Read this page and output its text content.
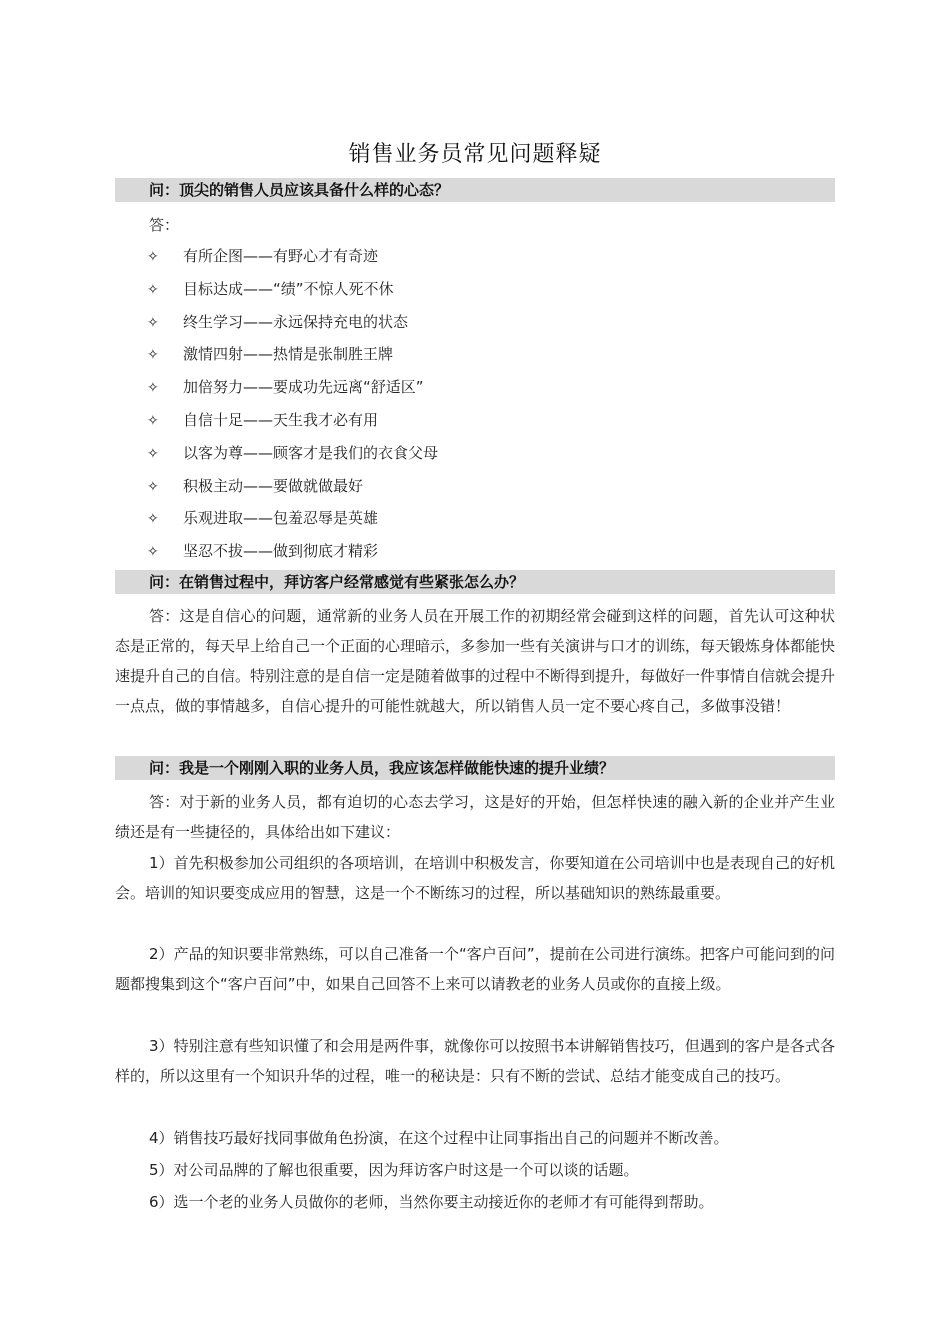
销售业务员常见问题释疑
问：顶尖的销售人员应该具备什么样的心态？
答：
✧ 有所企图——有野心才有奇迹
✧ 目标达成——“绩”不惊人死不休
✧ 终生学习——永远保持充电的状态
✧ 激情四射——热情是张制胜王牌
✧ 加倍努力——要成功先远离“舒适区”
✧ 自信十足——天生我才必有用
✧ 以客为尊——顾客才是我们的衣食父母
✧ 积极主动——要做就做最好
✧ 乐观进取——包羞忍辱是英雄
✧ 坚忍不拔——做到彻底才精彩
问：在销售过程中，拜访客户经常感觉有些紧张怎么办？

答：这是自信心的问题，通常新的业务人员在开展工作的初期经常会碰到这样的问题，首先认可这种状态是正常的，每天早上给自己一个正面的心理暗示，多参加一些有关演讲与口才的训练，每天锻炼身体都能快速提升自己的自信。特别注意的是自信一定是随着做事的过程中不断得到提升，每做好一件事情自信就会提升一点点，做的事情越多，自信心提升的可能性就越大，所以销售人员一定不要心疼自己，多做事没错！

问：我是一个刚刚入职的业务人员，我应该怎样做能快速的提升业绩？

答：对于新的业务人员，都有迫切的心态去学习，这是好的开始，但怎样快速的融入新的企业并产生业绩还是有一些捷径的，具体给出如下建议：

1）首先积极参加公司组织的各项培训，在培训中积极发言，你要知道在公司培训中也是表现自己的好机会。培训的知识要变成应用的智慧，这是一个不断练习的过程，所以基础知识的熟练最重要。

2）产品的知识要非常熟练，可以自己准备一个“客户百问”，提前在公司进行演练。把客户可能问到的问题都搜集到这个“客户百问”中，如果自己回答不上来可以请教老的业务人员或你的直接上级。

3）特别注意有些知识懂了和会用是两件事，就像你可以按照书本讲解销售技巧，但遇到的客户是各式各样的，所以这里有一个知识升华的过程，唯一的秘诀是：只有不断的尝试、总结才能变成自己的技巧。

4）销售技巧最好找同事做角色扮演，在这个过程中让同事指出自己的问题并不断改善。

5）对公司品牌的了解也很重要，因为拜访客户时这是一个可以谈的话题。

6）选一个老的业务人员做你的老师，当然你要主动接近你的老师才有可能得到帮助。
